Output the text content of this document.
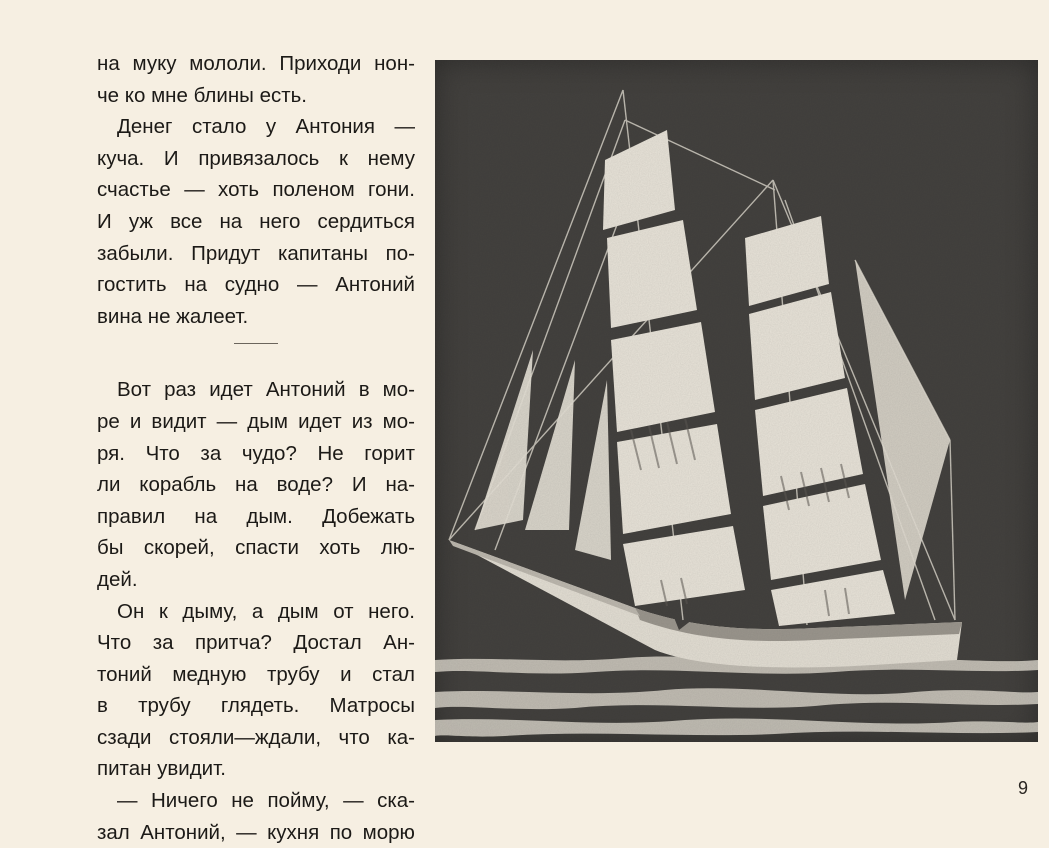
на муку мололи. Приходи нон-
че ко мне блины есть.
Денег стало у Антония —
куча. И привязалось к нему
счастье — хоть поленом гони.
И уж все на него сердиться
забыли. Придут капитаны по-
гостить на судно — Антоний
вина не жалеет.
Вот раз идет Антоний в мо-
ре и видит — дым идет из мо-
ря. Что за чудо? Не горит
ли корабль на воде? И на-
правил на дым. Добежать
бы скорей, спасти хоть лю-
дей.
Он к дыму, а дым от него.
Что за притча? Достал Ан-
тоний медную трубу и стал
в трубу глядеть. Матросы
сзади стояли—ждали, что ка-
питан увидит.
— Ничего не пойму, — ска-
зал Антоний, — кухня по морю
9
